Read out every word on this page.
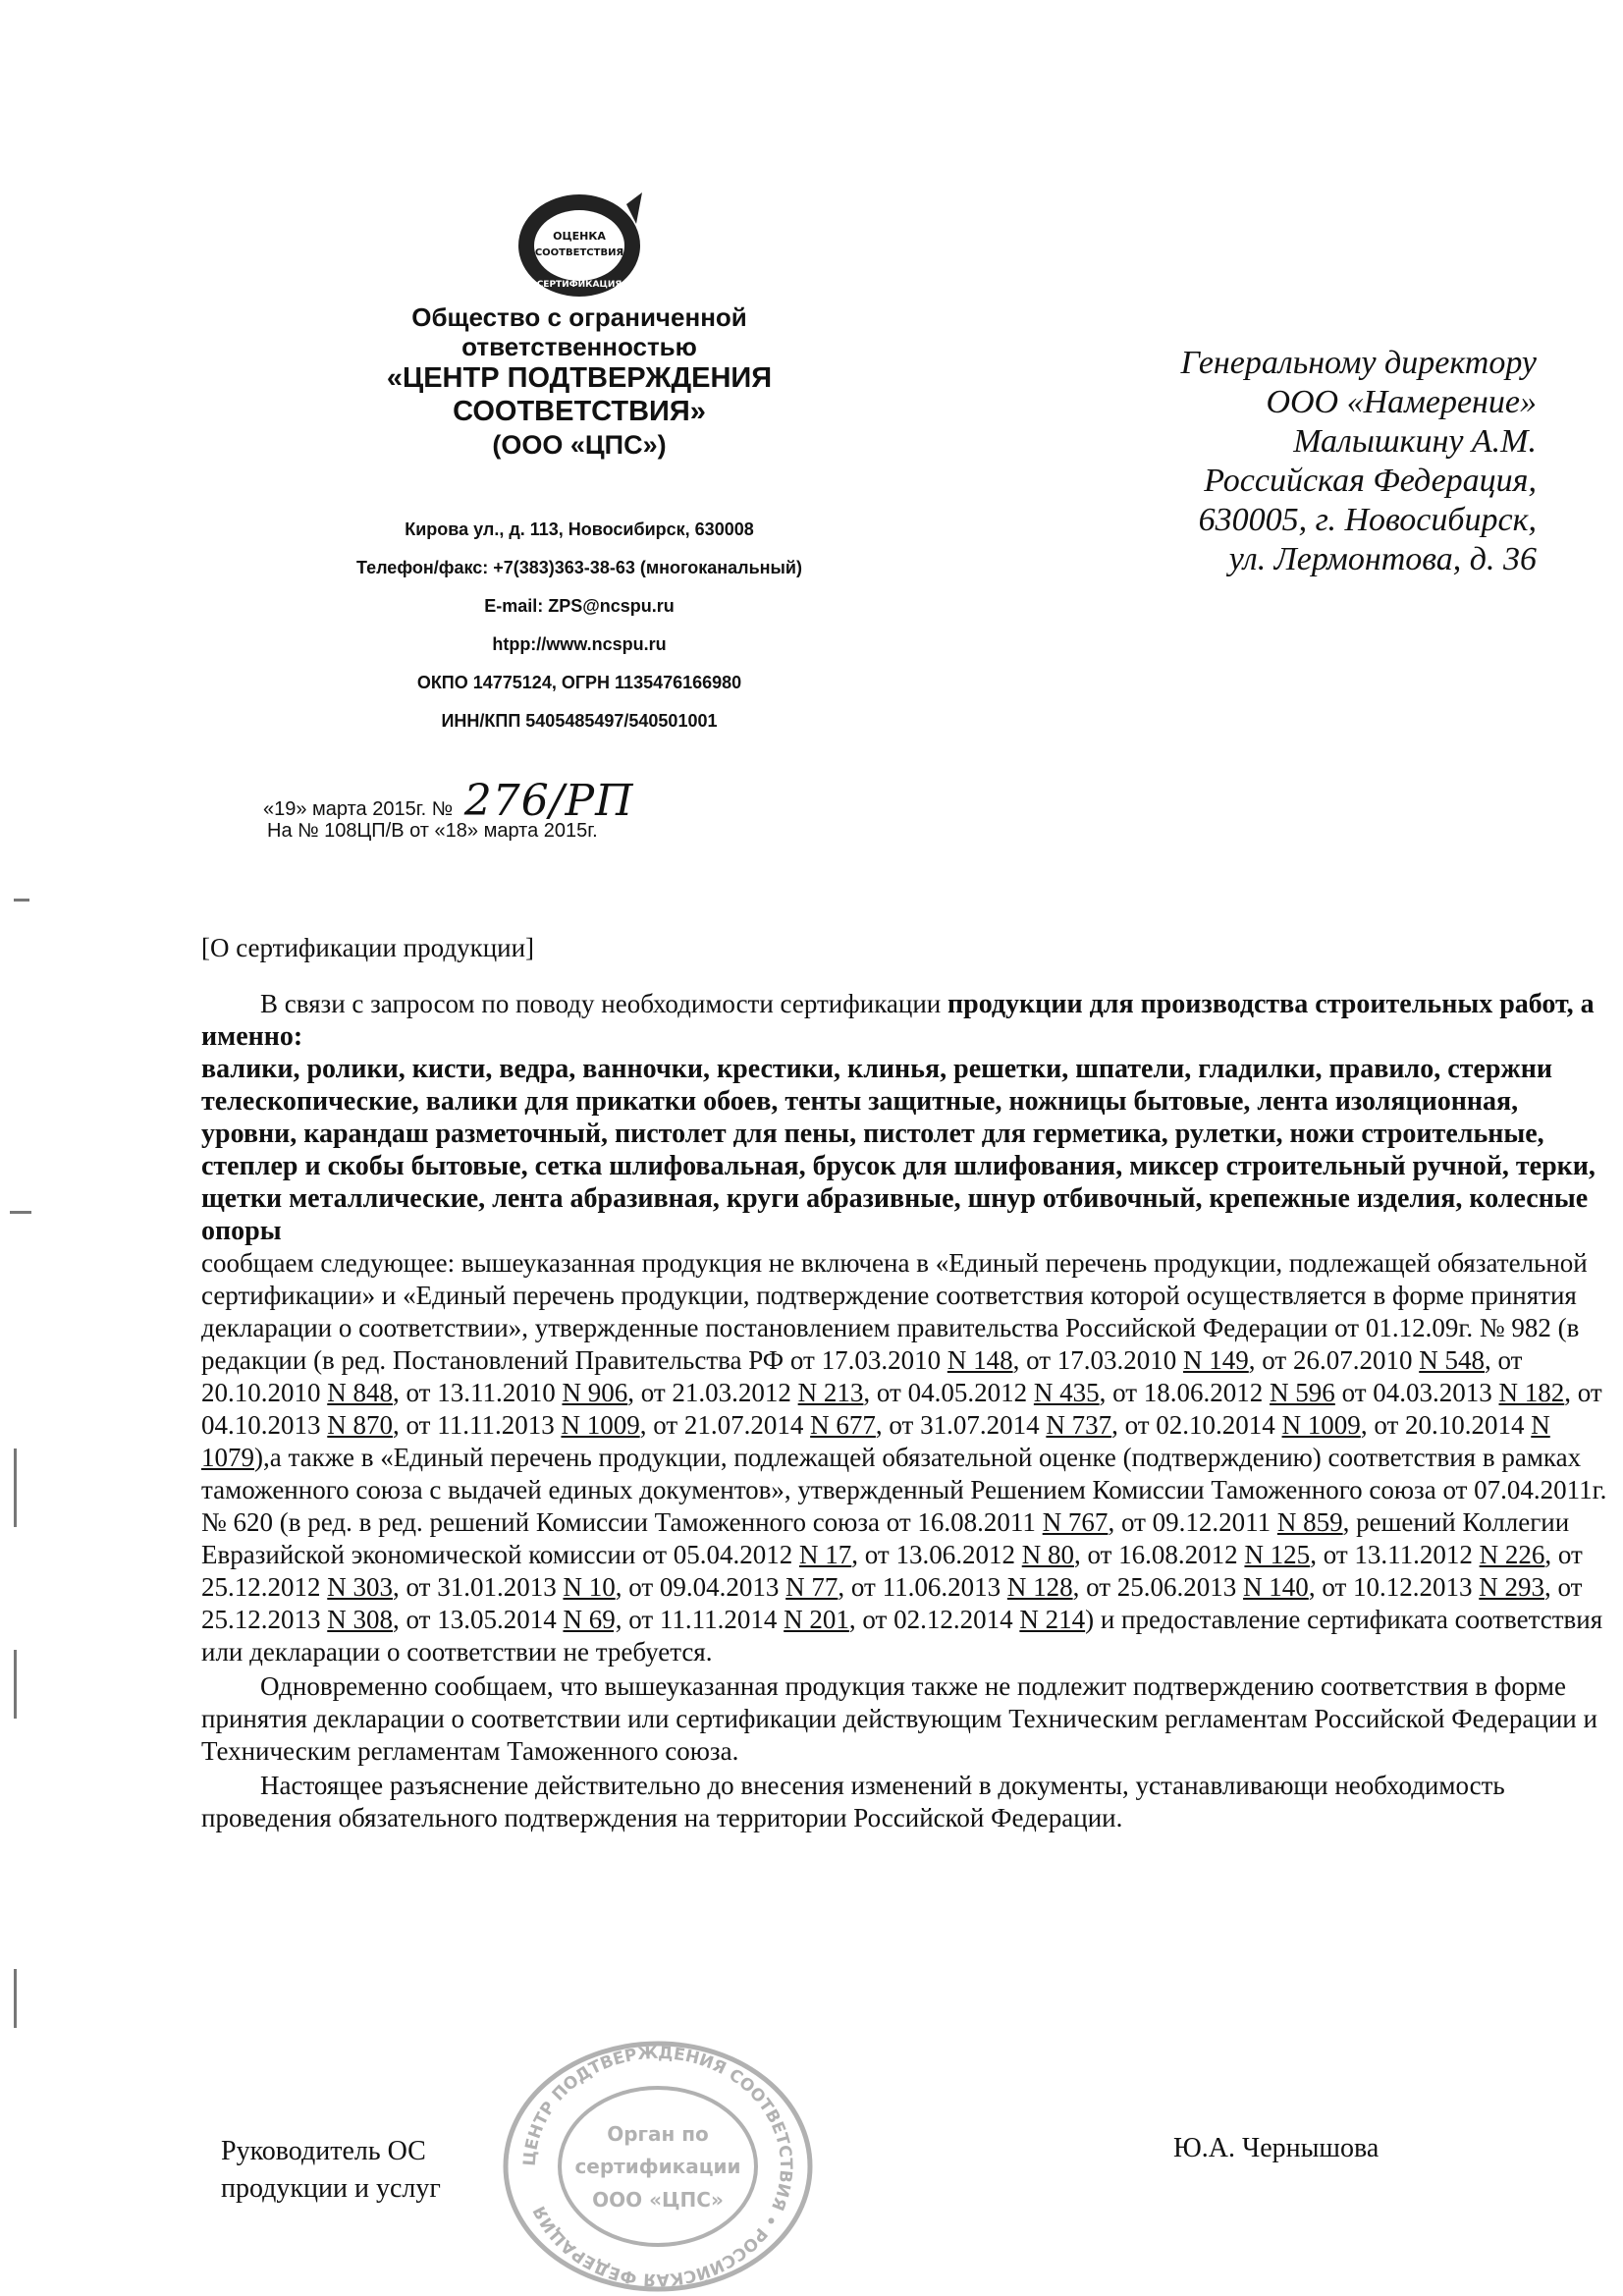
ОЦЕНКА
СООТВЕТСТВИЯ
СЕРТИФИКАЦИЯ
Общество с ограниченной
ответственностью
«ЦЕНТР ПОДТВЕРЖДЕНИЯ
СООТВЕТСТВИЯ»
(ООО «ЦПС»)
Кирова ул., д. 113, Новосибирск, 630008
Телефон/факс: +7(383)363-38-63 (многоканальный)
E-mail: ZPS@ncspu.ru
htpp://www.ncspu.ru
ОКПО 14775124, ОГРН 1135476166980
ИНН/КПП 5405485497/540501001
Генеральному директору
ООО «Намерение»
Малышкину А.М.
Российская Федерация,
630005, г. Новосибирск,
ул. Лермонтова, д. 36
«19» марта 2015г. № 276/РП
На № 108ЦП/В от «18» марта 2015г.
[О сертификации продукции]

В связи с запросом по поводу необходимости сертификации продукции для производства строительных работ, а именно:

валики, ролики, кисти, ведра, ванночки, крестики, клинья, решетки, шпатели, гладилки, правило, стержни телескопические, валики для прикатки обоев, тенты защитные, ножницы бытовые, лента изоляционная, уровни, карандаш разметочный, пистолет для пены, пистолет для герметика, рулетки, ножи строительные, степлер и скобы бытовые, сетка шлифовальная, брусок для шлифования, миксер строительный ручной, терки, щетки металлические, лента абразивная, круги абразивные, шнур отбивочный, крепежные изделия, колесные опоры

сообщаем следующее: вышеуказанная продукция не включена в «Единый перечень продукции, подлежащей обязательной сертификации» и «Единый перечень продукции, подтверждение соответствия которой осуществляется в форме принятия декларации о соответствии», утвержденные постановлением правительства Российской Федерации от 01.12.09г. № 982 (в редакции (в ред. Постановлений Правительства РФ от 17.03.2010 N 148, от 17.03.2010 N 149, от 26.07.2010 N 548, от 20.10.2010 N 848, от 13.11.2010 N 906, от 21.03.2012 N 213, от 04.05.2012 N 435, от 18.06.2012 N 596 от 04.03.2013 N 182, от 04.10.2013 N 870, от 11.11.2013 N 1009, от 21.07.2014 N 677, от 31.07.2014 N 737, от 02.10.2014 N 1009, от 20.10.2014 N 1079),а также в «Единый перечень продукции, подлежащей обязательной оценке (подтверждению) соответствия в рамках таможенного союза с выдачей единых документов», утвержденный Решением Комиссии Таможенного союза от 07.04.2011г. № 620 (в ред. в ред. решений Комиссии Таможенного союза от 16.08.2011 N 767, от 09.12.2011 N 859, решений Коллегии Евразийской экономической комиссии от 05.04.2012 N 17, от 13.06.2012 N 80, от 16.08.2012 N 125, от 13.11.2012 N 226, от 25.12.2012 N 303, от 31.01.2013 N 10, от 09.04.2013 N 77, от 11.06.2013 N 128, от 25.06.2013 N 140, от 10.12.2013 N 293, от 25.12.2013 N 308, от 13.05.2014 N 69, от 11.11.2014 N 201, от 02.12.2014 N 214) и предоставление сертификата соответствия или декларации о соответствии не требуется.

Одновременно сообщаем, что вышеуказанная продукция также не подлежит подтверждению соответствия в форме принятия декларации о соответствии или сертификации действующим Техническим регламентам Российской Федерации и Техническим регламентам Таможенного союза.

Настоящее разъяснение действительно до внесения изменений в документы, устанавливающи необходимость проведения обязательного подтверждения на территории Российской Федерации.

ЦЕНТР ПОДТВЕРЖДЕНИЯ СООТВЕТСТВИЯ • РОССИЙСКАЯ ФЕДЕРАЦИЯ
Орган по
сертификации
ООО «ЦПС»
Руководитель ОС
продукции и услуг
Ю.А. Чернышова
